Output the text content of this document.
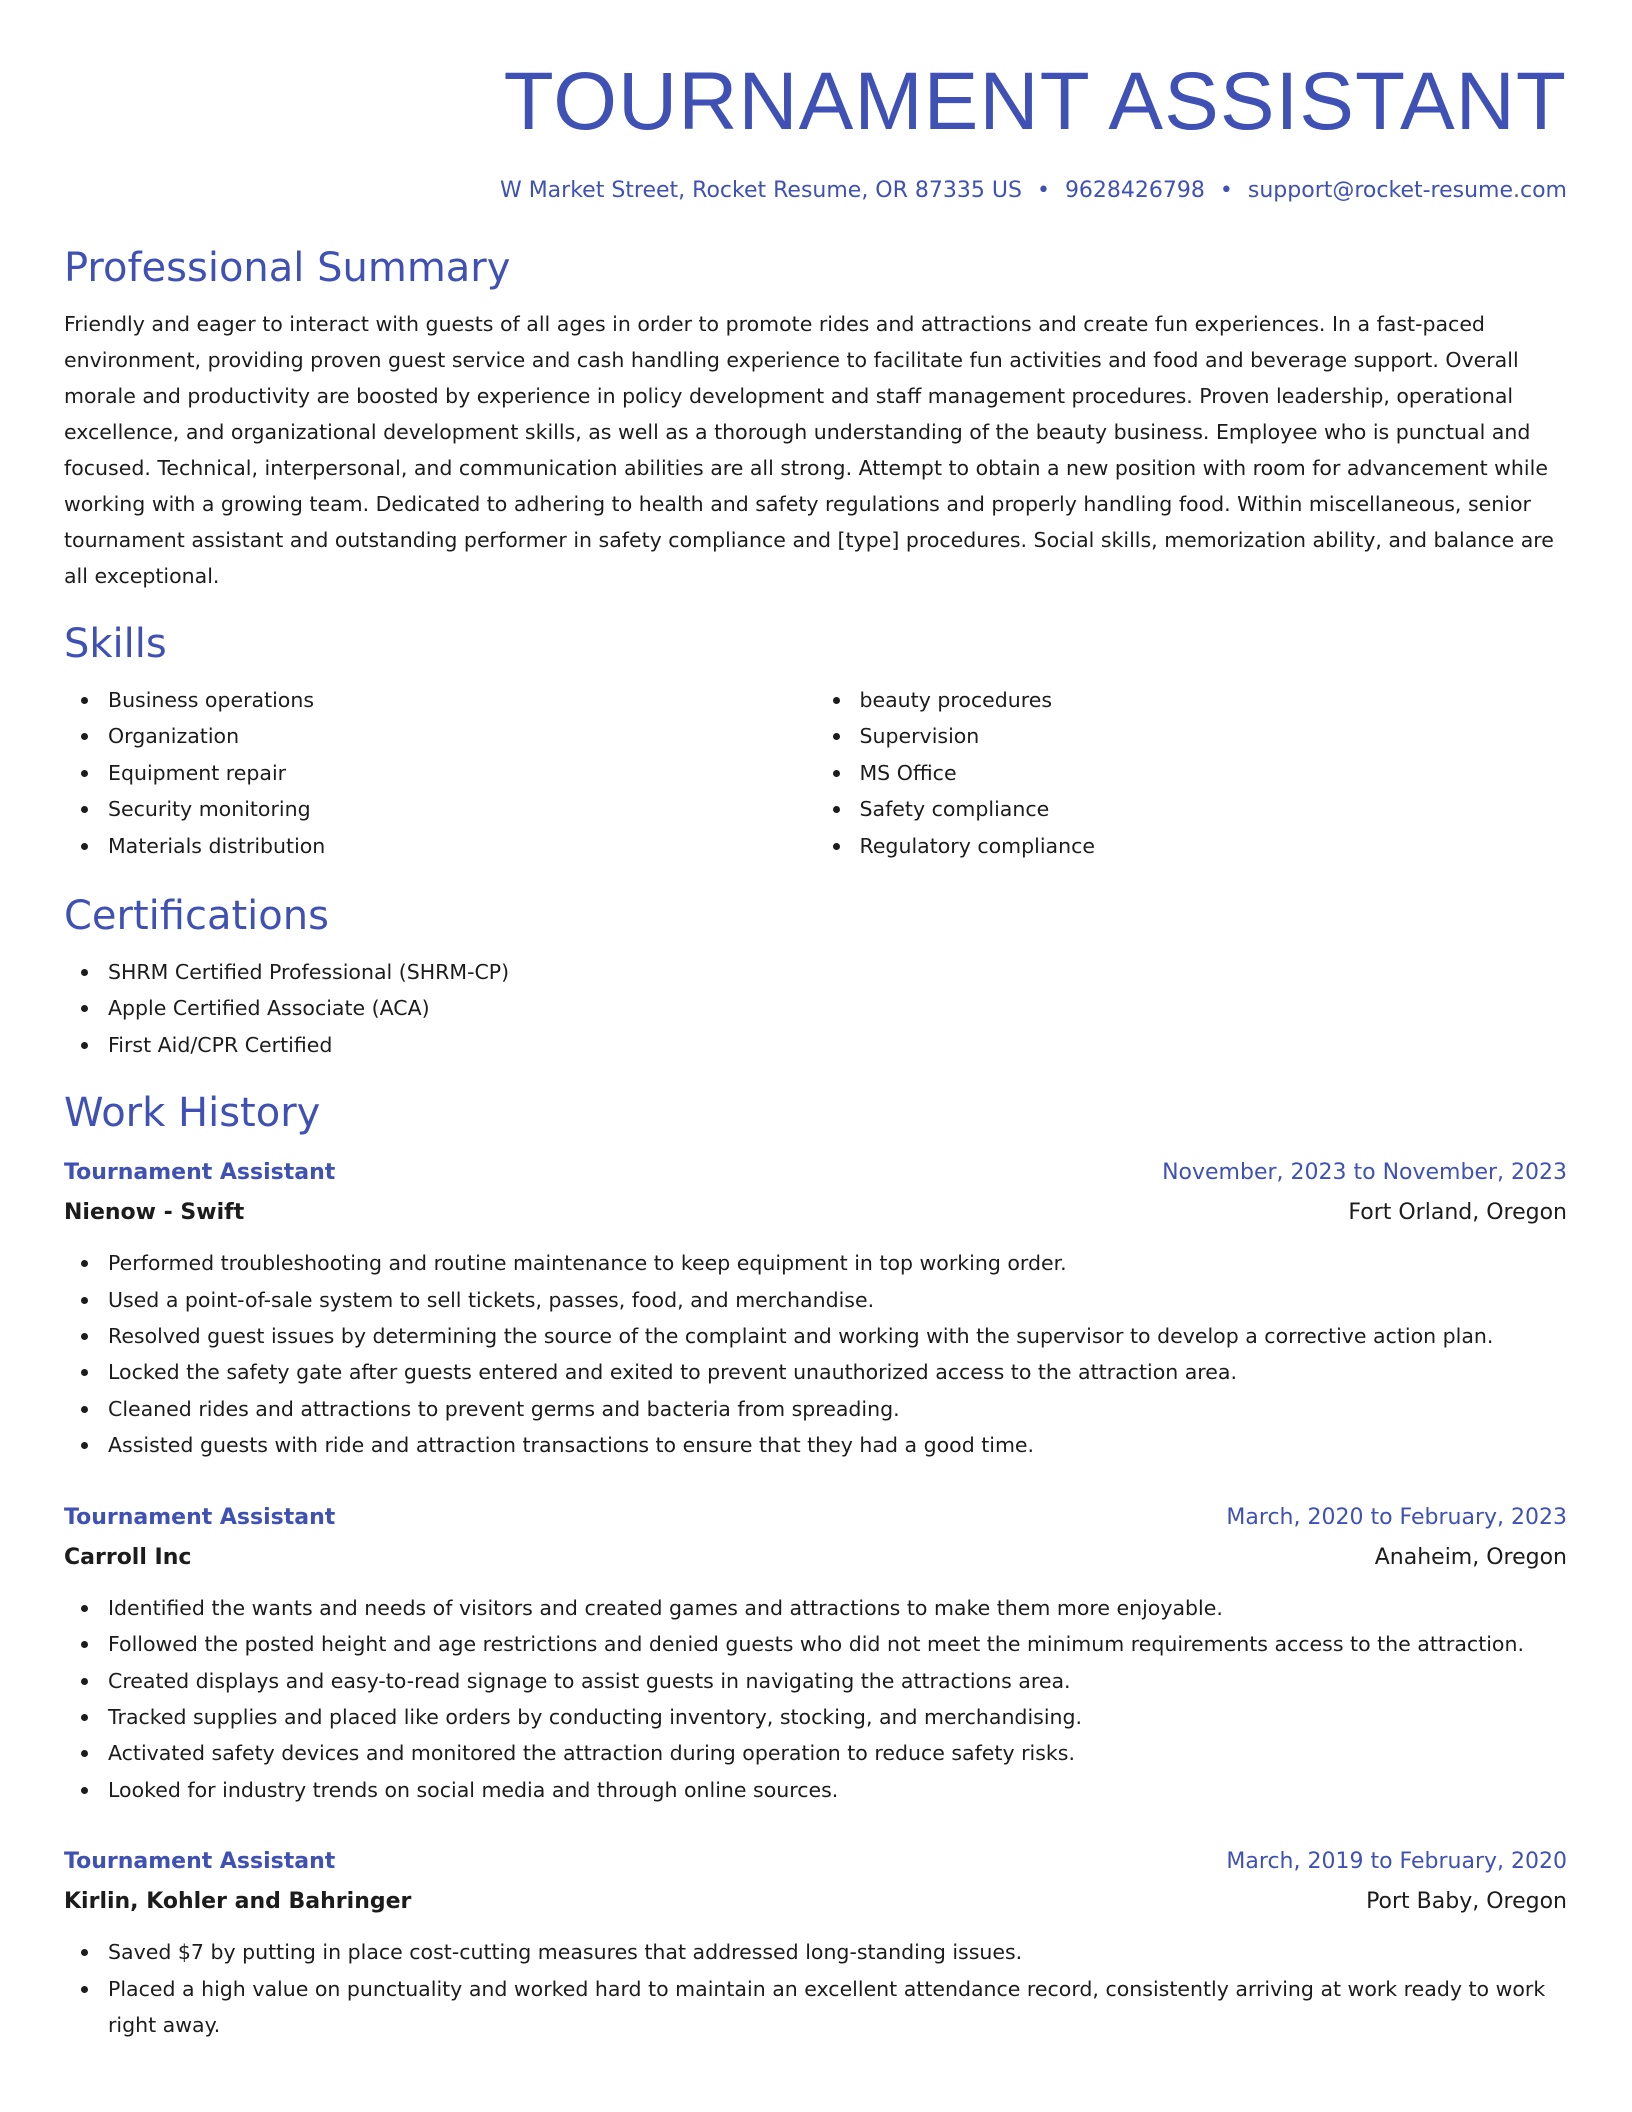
TOURNAMENT ASSISTANT
W Market Street, Rocket Resume, OR 87335 US • 9628426798 • support@rocket-resume.com
Professional Summary

Friendly and eager to interact with guests of all ages in order to promote rides and attractions and create fun experiences. In a fast-paced environment, providing proven guest service and cash handling experience to facilitate fun activities and food and beverage support. Overall morale and productivity are boosted by experience in policy development and staff management procedures. Proven leadership, operational excellence, and organizational development skills, as well as a thorough understanding of the beauty business. Employee who is punctual and focused. Technical, interpersonal, and communication abilities are all strong. Attempt to obtain a new position with room for advancement while working with a growing team. Dedicated to adhering to health and safety regulations and properly handling food. Within miscellaneous, senior tournament assistant and outstanding performer in safety compliance and [type] procedures. Social skills, memorization ability, and balance are all exceptional.

Skills
Business operations
Organization
Equipment repair
Security monitoring
Materials distribution
beauty procedures
Supervision
MS Office
Safety compliance
Regulatory compliance
Certifications
SHRM Certified Professional (SHRM-CP)
Apple Certified Associate (ACA)
First Aid/CPR Certified
Work History
Tournament Assistant	November, 2023 to November, 2023
Nienow - Swift	Fort Orland, Oregon
Performed troubleshooting and routine maintenance to keep equipment in top working order.
Used a point-of-sale system to sell tickets, passes, food, and merchandise.
Resolved guest issues by determining the source of the complaint and working with the supervisor to develop a corrective action plan.
Locked the safety gate after guests entered and exited to prevent unauthorized access to the attraction area.
Cleaned rides and attractions to prevent germs and bacteria from spreading.
Assisted guests with ride and attraction transactions to ensure that they had a good time.
Tournament Assistant	March, 2020 to February, 2023
Carroll Inc	Anaheim, Oregon
Identified the wants and needs of visitors and created games and attractions to make them more enjoyable.
Followed the posted height and age restrictions and denied guests who did not meet the minimum requirements access to the attraction.
Created displays and easy-to-read signage to assist guests in navigating the attractions area.
Tracked supplies and placed like orders by conducting inventory, stocking, and merchandising.
Activated safety devices and monitored the attraction during operation to reduce safety risks.
Looked for industry trends on social media and through online sources.
Tournament Assistant	March, 2019 to February, 2020
Kirlin, Kohler and Bahringer	Port Baby, Oregon
Saved $7 by putting in place cost-cutting measures that addressed long-standing issues.
Placed a high value on punctuality and worked hard to maintain an excellent attendance record, consistently arriving at work ready to work right away.
